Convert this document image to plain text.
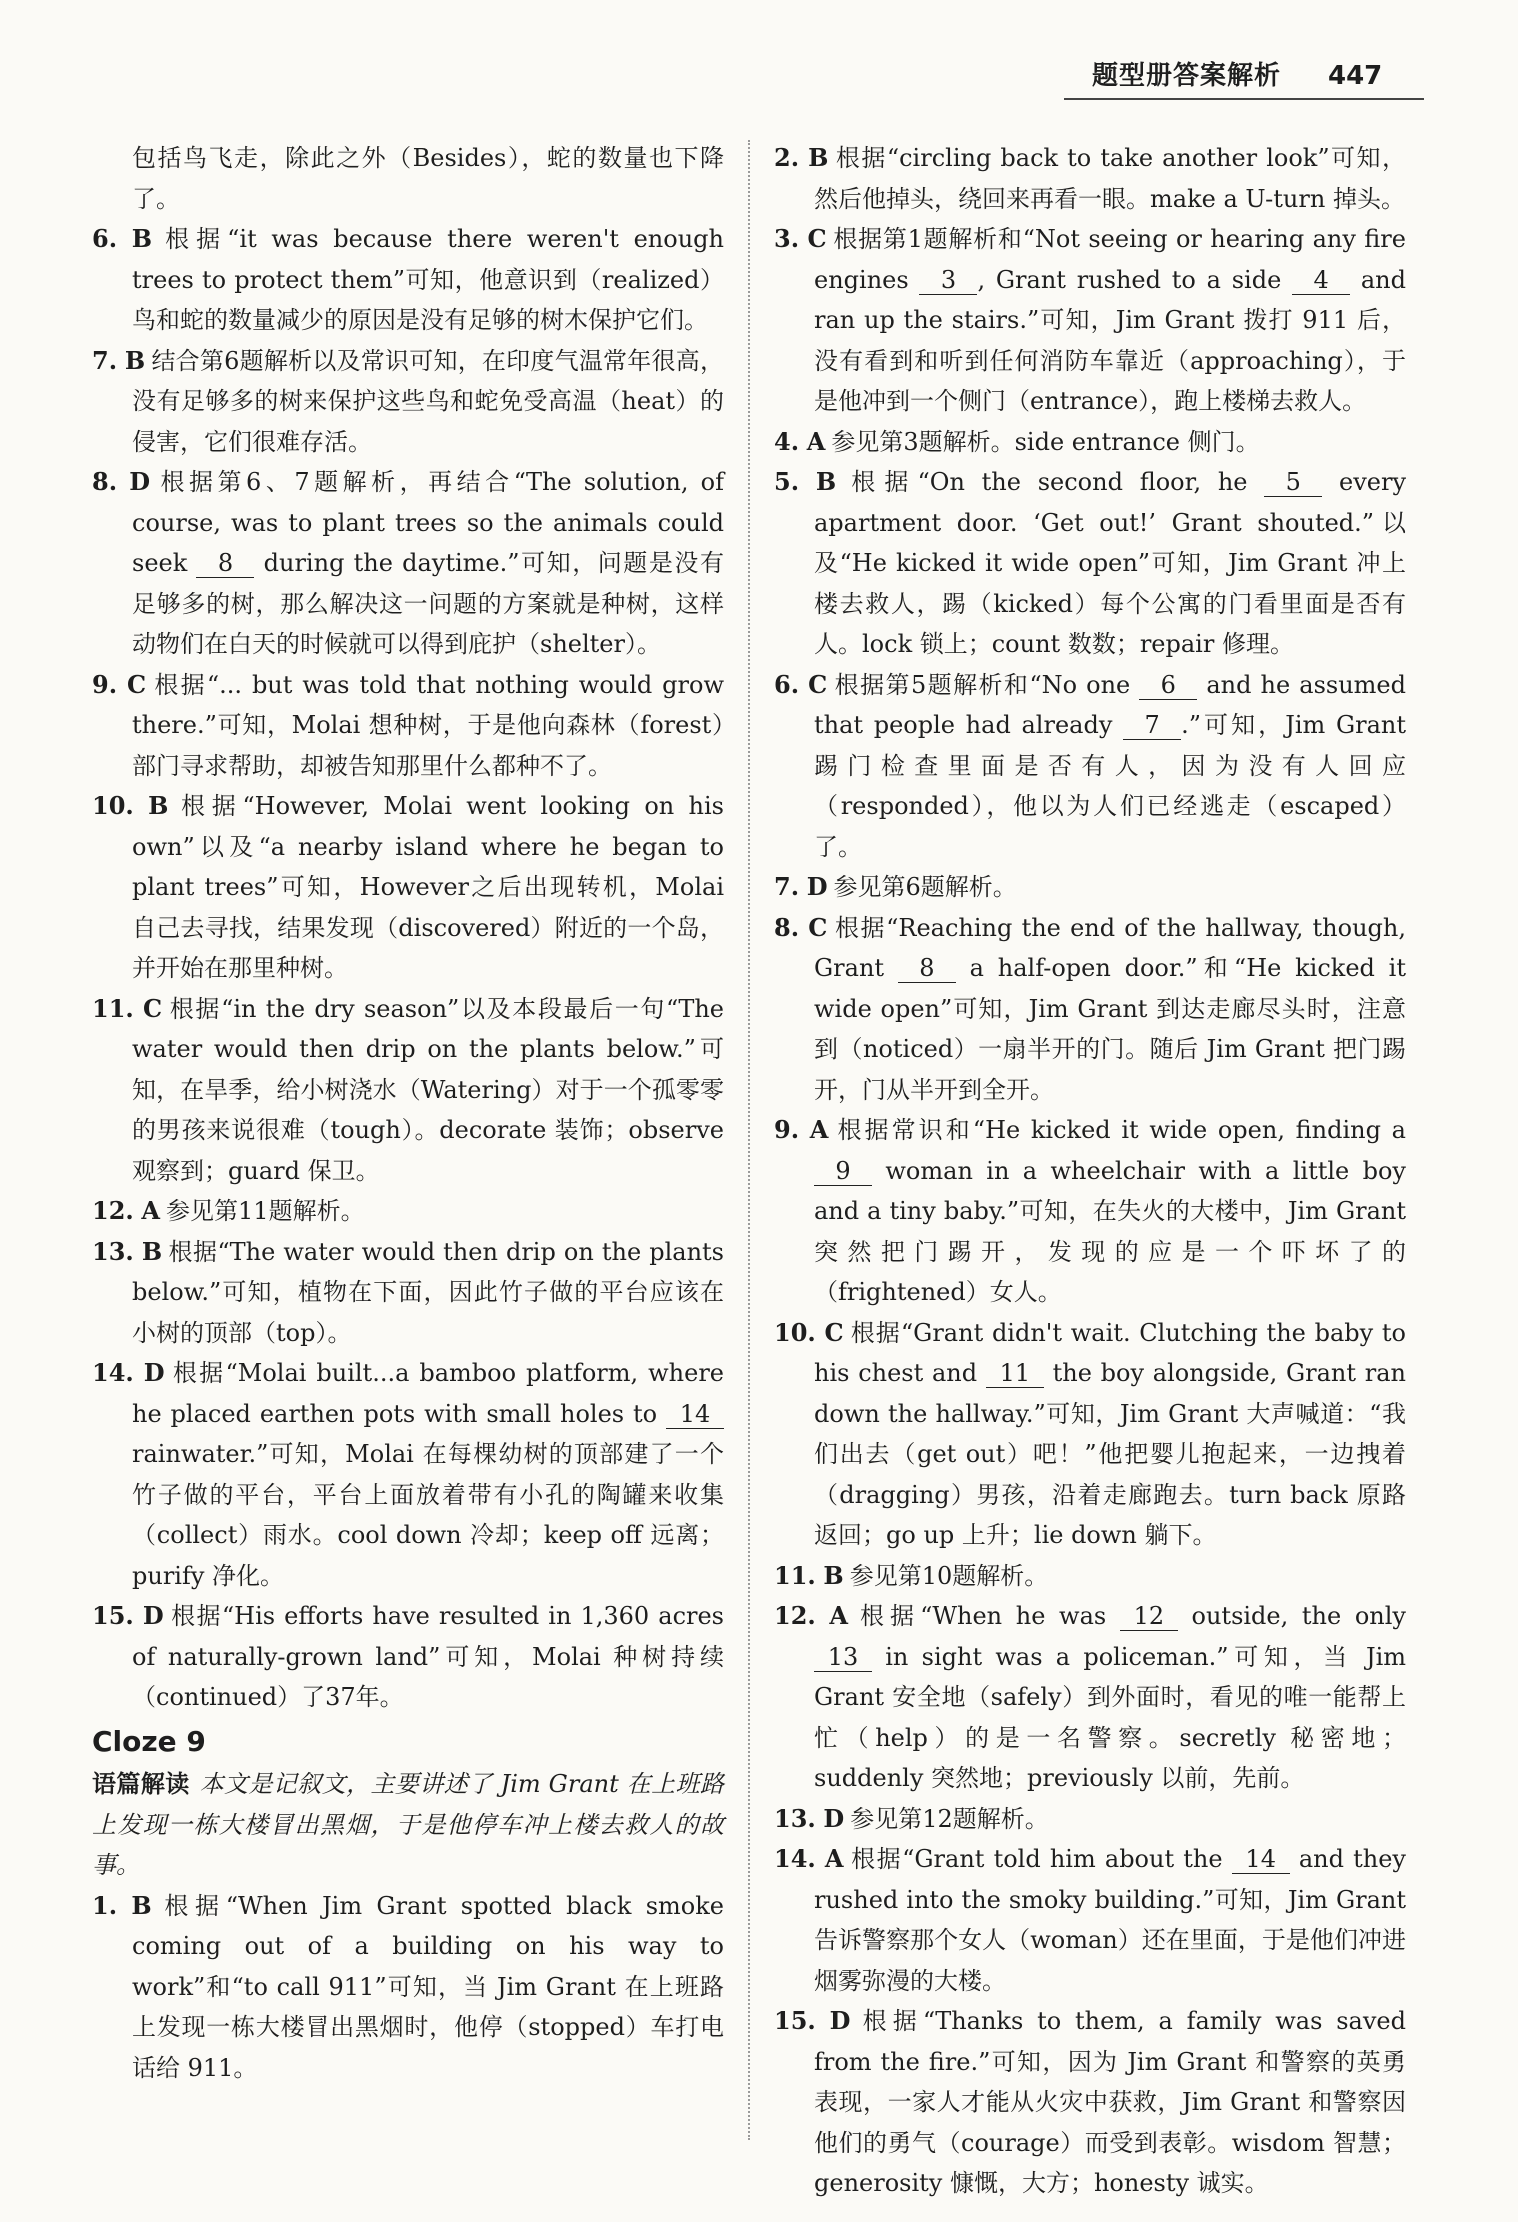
题型册答案解析 447

包括鸟飞走，除此之外（Besides），蛇的数量也下降了。

6. B 根据“it was because there weren't enough trees to protect them”可知，他意识到（realized）鸟和蛇的数量减少的原因是没有足够的树木保护它们。

7. B 结合第6题解析以及常识可知，在印度气温常年很高，没有足够多的树来保护这些鸟和蛇免受高温（heat）的侵害，它们很难存活。

8. D 根据第6、7题解析，再结合“The solution, of course, was to plant trees so the animals could seek 8 during the daytime.”可知，问题是没有足够多的树，那么解决这一问题的方案就是种树，这样动物们在白天的时候就可以得到庇护（shelter）。

9. C 根据“... but was told that nothing would grow there.”可知，Molai 想种树，于是他向森林（forest）部门寻求帮助，却被告知那里什么都种不了。

10. B 根据“However, Molai went looking on his own”以及“a nearby island where he began to plant trees”可知，However之后出现转机，Molai 自己去寻找，结果发现（discovered）附近的一个岛，并开始在那里种树。

11. C 根据“in the dry season”以及本段最后一句“The water would then drip on the plants below.”可知，在旱季，给小树浇水（Watering）对于一个孤零零的男孩来说很难（tough）。decorate 装饰；observe 观察到；guard 保卫。

12. A 参见第11题解析。

13. B 根据“The water would then drip on the plants below.”可知，植物在下面，因此竹子做的平台应该在小树的顶部（top）。

14. D 根据“Molai built...a bamboo platform, where he placed earthen pots with small holes to 14 rainwater.”可知，Molai 在每棵幼树的顶部建了一个竹子做的平台，平台上面放着带有小孔的陶罐来收集（collect）雨水。cool down 冷却；keep off 远离；purify 净化。

15. D 根据“His efforts have resulted in 1,360 acres of naturally-grown land”可知，Molai 种树持续（continued）了37年。

Cloze 9

语篇解读 本文是记叙文，主要讲述了 Jim Grant 在上班路上发现一栋大楼冒出黑烟，于是他停车冲上楼去救人的故事。

1. B 根据“When Jim Grant spotted black smoke coming out of a building on his way to work”和“to call 911”可知，当 Jim Grant 在上班路上发现一栋大楼冒出黑烟时，他停（stopped）车打电话给 911。

2. B 根据“circling back to take another look”可知，然后他掉头，绕回来再看一眼。make a U-turn 掉头。

3. C 根据第1题解析和“Not seeing or hearing any fire engines 3 , Grant rushed to a side 4 and ran up the stairs.”可知，Jim Grant 拨打 911 后，没有看到和听到任何消防车靠近（approaching），于是他冲到一个侧门（entrance），跑上楼梯去救人。

4. A 参见第3题解析。side entrance 侧门。

5. B 根据“On the second floor, he 5 every apartment door. ‘Get out!’ Grant shouted.”以及“He kicked it wide open”可知，Jim Grant 冲上楼去救人，踢（kicked）每个公寓的门看里面是否有人。lock 锁上；count 数数；repair 修理。

6. C 根据第5题解析和“No one 6 and he assumed that people had already 7 .”可知，Jim Grant 踢门检查里面是否有人，因为没有人回应（responded），他以为人们已经逃走（escaped）了。

7. D 参见第6题解析。

8. C 根据“Reaching the end of the hallway, though, Grant 8 a half-open door.”和“He kicked it wide open”可知，Jim Grant 到达走廊尽头时，注意到（noticed）一扇半开的门。随后 Jim Grant 把门踢开，门从半开到全开。

9. A 根据常识和“He kicked it wide open, finding a 9 woman in a wheelchair with a little boy and a tiny baby.”可知，在失火的大楼中，Jim Grant 突然把门踢开，发现的应是一个吓坏了的（frightened）女人。

10. C 根据“Grant didn't wait. Clutching the baby to his chest and 11 the boy alongside, Grant ran down the hallway.”可知，Jim Grant 大声喊道：“我们出去（get out）吧！”他把婴儿抱起来，一边拽着（dragging）男孩，沿着走廊跑去。turn back 原路返回；go up 上升；lie down 躺下。

11. B 参见第10题解析。

12. A 根据“When he was 12 outside, the only 13 in sight was a policeman.”可知，当 Jim Grant 安全地（safely）到外面时，看见的唯一能帮上忙（help）的是一名警察。secretly 秘密地；suddenly 突然地；previously 以前，先前。

13. D 参见第12题解析。

14. A 根据“Grant told him about the 14 and they rushed into the smoky building.”可知，Jim Grant 告诉警察那个女人（woman）还在里面，于是他们冲进烟雾弥漫的大楼。

15. D 根据“Thanks to them, a family was saved from the fire.”可知，因为 Jim Grant 和警察的英勇表现，一家人才能从火灾中获救，Jim Grant 和警察因他们的勇气（courage）而受到表彰。wisdom 智慧；generosity 慷慨，大方；honesty 诚实。
